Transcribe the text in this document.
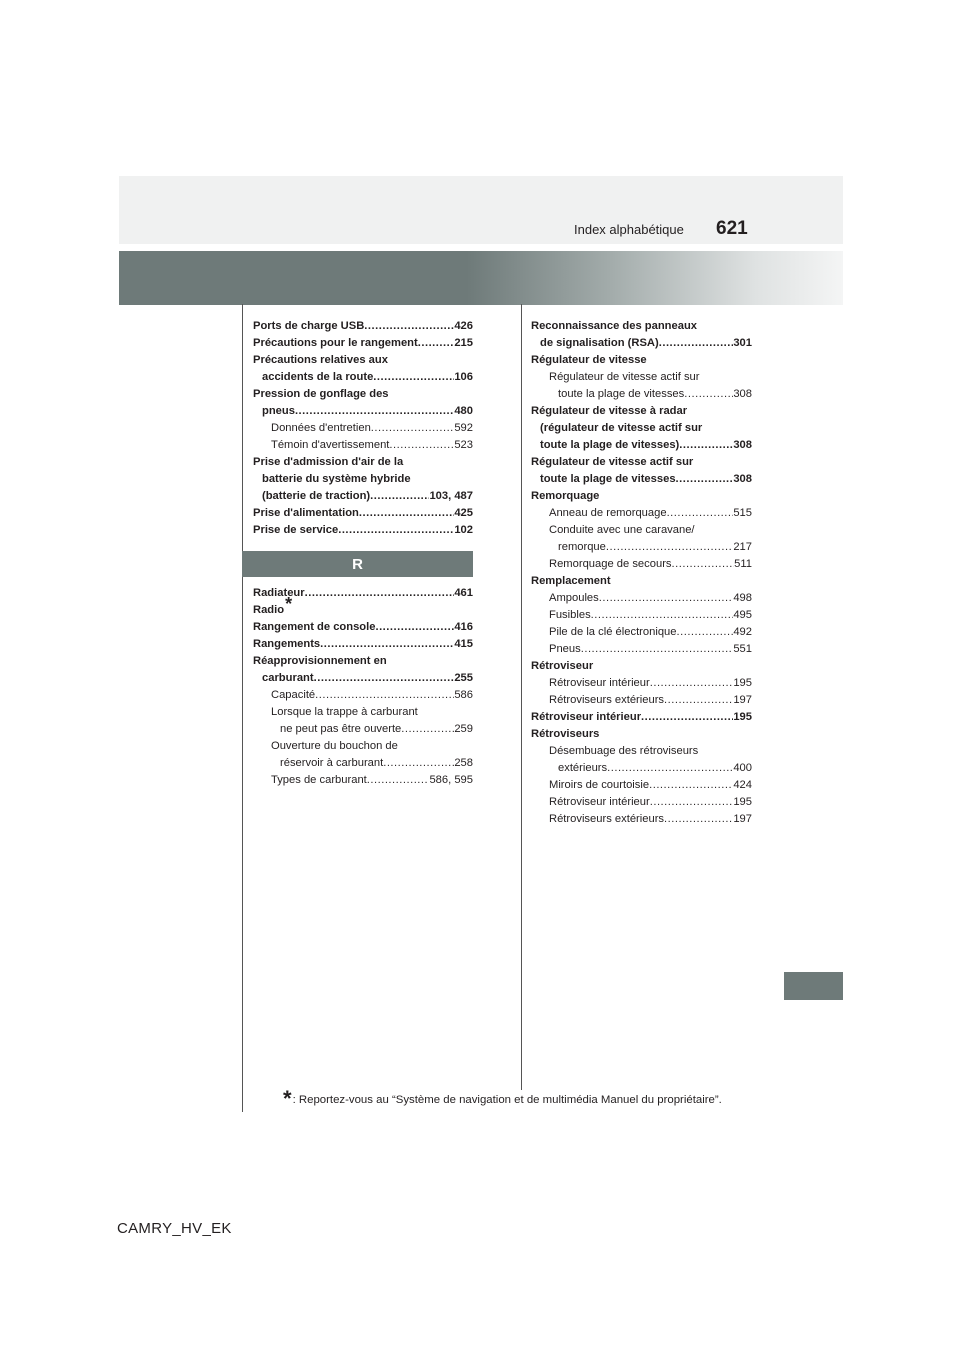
621
Index alphabétique
Ports de charge USB .....	426
Précautions pour le rangement .....	215
Précautions relatives aux
accidents de la route .....	106
Pression de gonflage des
pneus .....	480
Données d'entretien .....	592
Témoin d'avertissement .....	523
Prise d'admission d'air de la
batterie du système hybride
(batterie de traction) .....	103, 487
Prise d'alimentation .....	425
Prise de service .....	102
R
Radiateur .....	461
Radio*
Rangement de console .....	416
Rangements .....	415
Réapprovisionnement en
carburant .....	255
Capacité .....	586
Lorsque la trappe à carburant
ne peut pas être ouverte .....	259
Ouverture du bouchon de
réservoir à carburant .....	258
Types de carburant .....	586, 595
Reconnaissance des panneaux
de signalisation (RSA) .....	301
Régulateur de vitesse
Régulateur de vitesse actif sur
toute la plage de vitesses .....	308
Régulateur de vitesse à radar
(régulateur de vitesse actif sur
toute la plage de vitesses) .....	308
Régulateur de vitesse actif sur
toute la plage de vitesses .....	308
Remorquage
Anneau de remorquage .....	515
Conduite avec une caravane/
remorque .....	217
Remorquage de secours .....	511
Remplacement
Ampoules .....	498
Fusibles .....	495
Pile de la clé électronique .....	492
Pneus .....	551
Rétroviseur
Rétroviseur intérieur .....	195
Rétroviseurs extérieurs .....	197
Rétroviseur intérieur .....	195
Rétroviseurs
Désembuage des rétroviseurs
extérieurs .....	400
Miroirs de courtoisie .....	424
Rétroviseur intérieur .....	195
Rétroviseurs extérieurs .....	197
*: Reportez-vous au “Système de navigation et de multimédia Manuel du propriétaire”.
CAMRY_HV_EK
